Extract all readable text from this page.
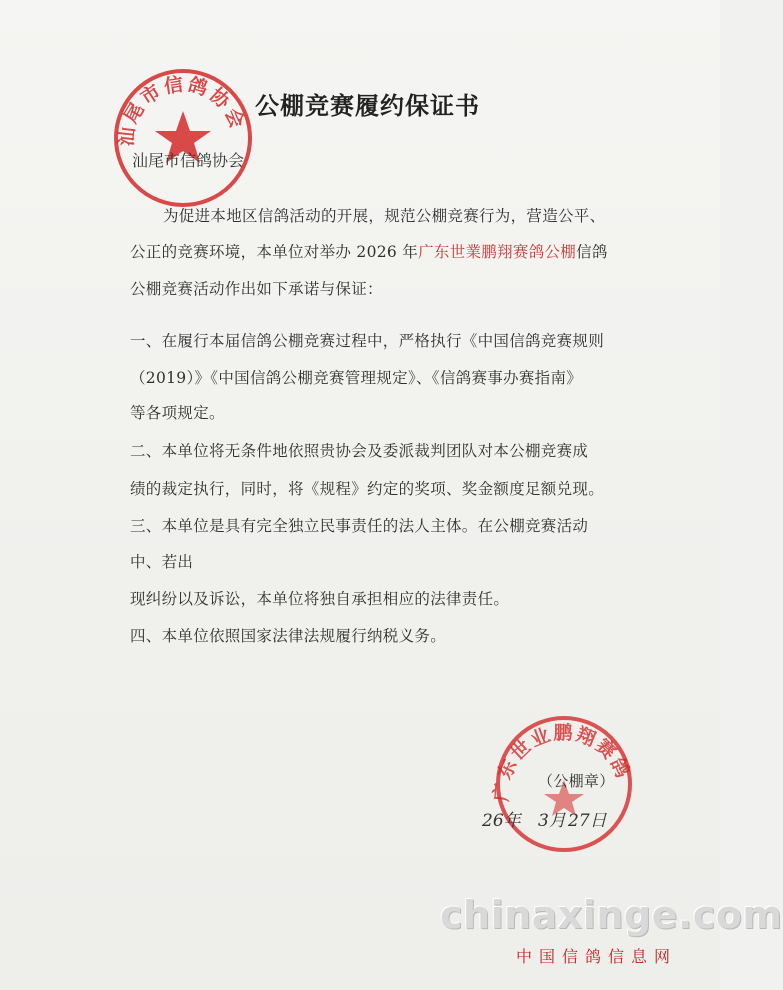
汕尾市信鸽协会 公棚竞赛履约保证书
汕尾市信鸽协会
为促进本地区信鸽活动的开展，规范公棚竞赛行为，营造公平、
公正的竞赛环境，本单位对举办 2026 年广东世業鹏翔赛鸽公棚信鸽
公棚竞赛活动作出如下承诺与保证：
一、在履行本届信鸽公棚竞赛过程中，严格执行《中国信鸽竞赛规则
（2019）》《中国信鸽公棚竞赛管理规定》、《信鸽赛事办赛指南》
等各项规定。
二、本单位将无条件地依照贵协会及委派裁判团队对本公棚竞赛成
绩的裁定执行，同时，将《规程》约定的奖项、奖金额度足额兑现。
三、本单位是具有完全独立民事责任的法人主体。在公棚竞赛活动
中、若出
现纠纷以及诉讼，本单位将独自承担相应的法律责任。
四、本单位依照国家法律法规履行纳税义务。
广东世业鹏翔赛鸽
（公棚章）
26年 3月 27日
chinaxinge.com
中国信鸽信息网
